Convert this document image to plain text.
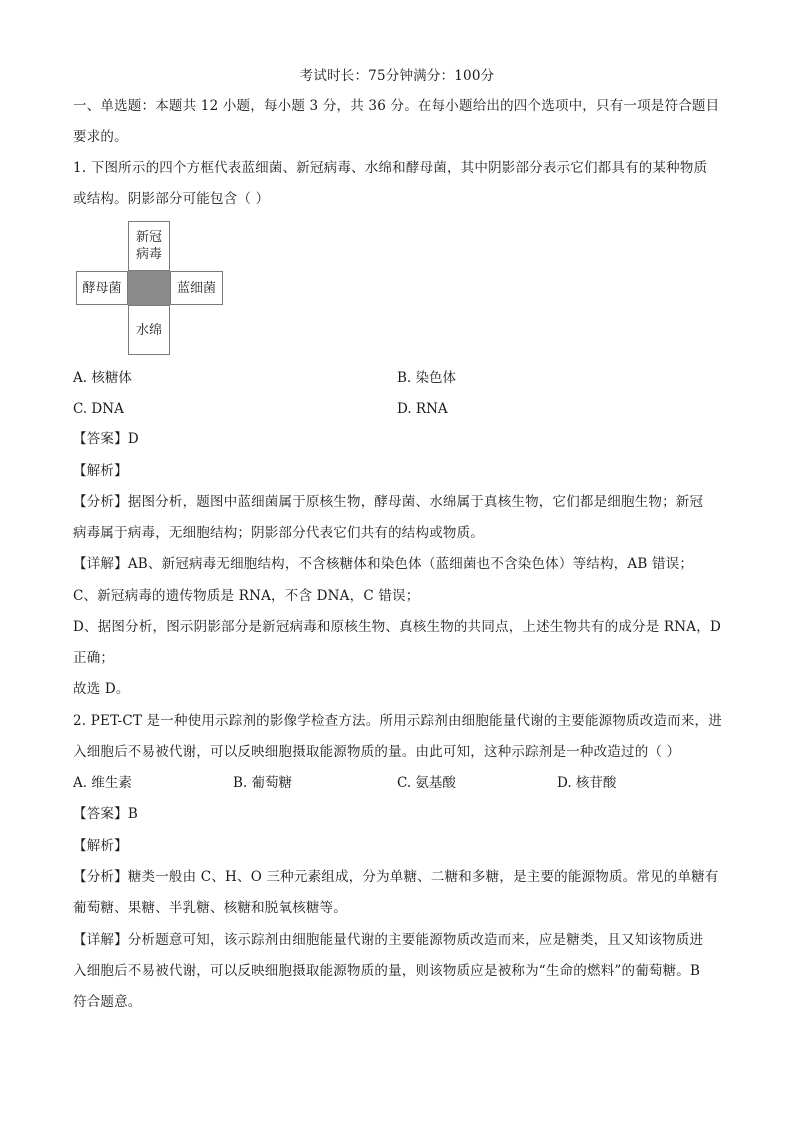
考试时长：75分钟满分：100分
一、单选题：本题共 12 小题，每小题 3 分，共 36 分。在每小题给出的四个选项中，只有一项是符合题目
要求的。
1. 下图所示的四个方框代表蓝细菌、新冠病毒、水绵和酵母菌，其中阴影部分表示它们都具有的某种物质
或结构。阴影部分可能包含（ ）
新冠
病毒
酵母菌	蓝细菌
水绵
A. 核糖体	B. 染色体
C. DNA	D. RNA
【答案】D
【解析】
【分析】据图分析，题图中蓝细菌属于原核生物，酵母菌、水绵属于真核生物，它们都是细胞生物；新冠
病毒属于病毒，无细胞结构；阴影部分代表它们共有的结构或物质。
【详解】AB、新冠病毒无细胞结构，不含核糖体和染色体（蓝细菌也不含染色体）等结构，AB 错误；
C、新冠病毒的遗传物质是 RNA，不含 DNA，C 错误；
D、据图分析，图示阴影部分是新冠病毒和原核生物、真核生物的共同点，上述生物共有的成分是 RNA，D
正确；
故选 D。
2. PET-CT 是一种使用示踪剂的影像学检查方法。所用示踪剂由细胞能量代谢的主要能源物质改造而来，进
入细胞后不易被代谢，可以反映细胞摄取能源物质的量。由此可知，这种示踪剂是一种改造过的（ ）
A. 维生素	B. 葡萄糖	C. 氨基酸	D. 核苷酸
【答案】B
【解析】
【分析】糖类一般由 C、H、O 三种元素组成，分为单糖、二糖和多糖，是主要的能源物质。常见的单糖有
葡萄糖、果糖、半乳糖、核糖和脱氧核糖等。
【详解】分析题意可知，该示踪剂由细胞能量代谢的主要能源物质改造而来，应是糖类，且又知该物质进
入细胞后不易被代谢，可以反映细胞摄取能源物质的量，则该物质应是被称为“生命的燃料”的葡萄糖。B
符合题意。
